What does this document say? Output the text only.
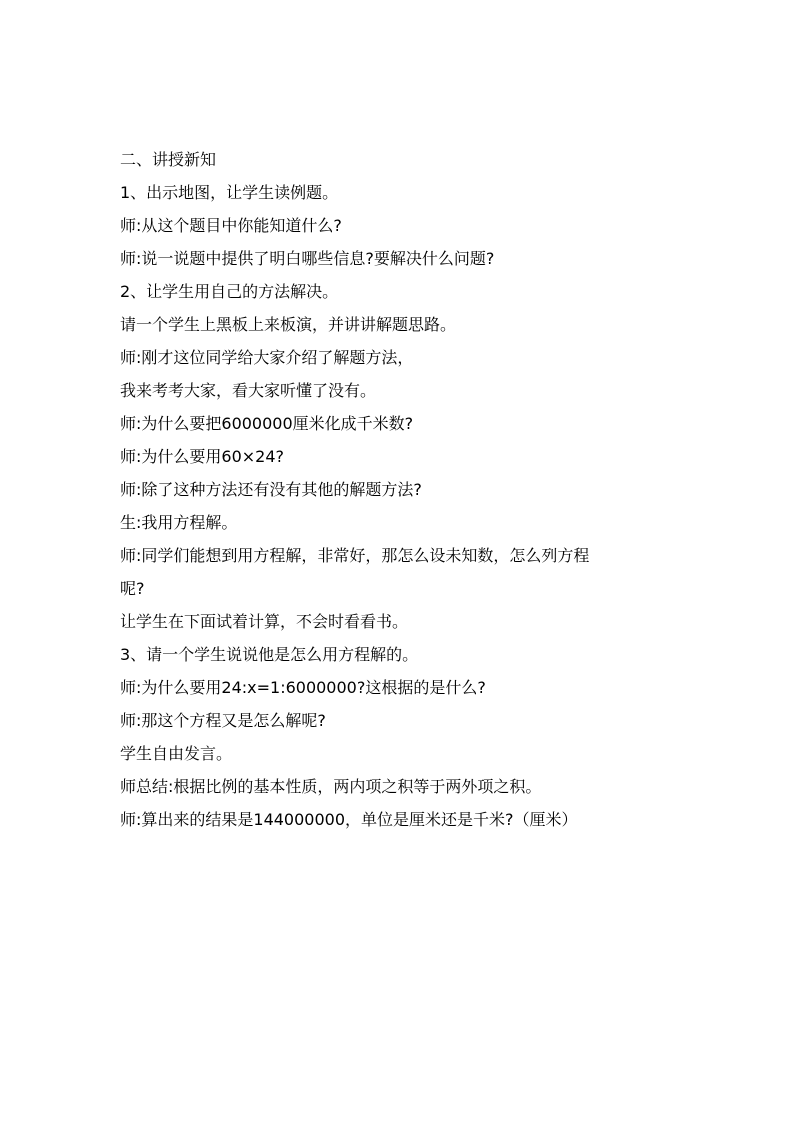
二、讲授新知
1、出示地图，让学生读例题。
师:从这个题目中你能知道什么?
师:说一说题中提供了明白哪些信息?要解决什么问题?
2、让学生用自己的方法解决。
请一个学生上黑板上来板演，并讲讲解题思路。
师:刚才这位同学给大家介绍了解题方法，
我来考考大家，看大家听懂了没有。
师:为什么要把6000000厘米化成千米数?
师:为什么要用60×24?
师:除了这种方法还有没有其他的解题方法?
生:我用方程解。
师:同学们能想到用方程解，非常好，那怎么设未知数，怎么列方程
呢?
让学生在下面试着计算，不会时看看书。
3、请一个学生说说他是怎么用方程解的。
师:为什么要用24:x=1:6000000?这根据的是什么?
师:那这个方程又是怎么解呢?
学生自由发言。
师总结:根据比例的基本性质，两内项之积等于两外项之积。
师:算出来的结果是144000000，单位是厘米还是千米?（厘米）
